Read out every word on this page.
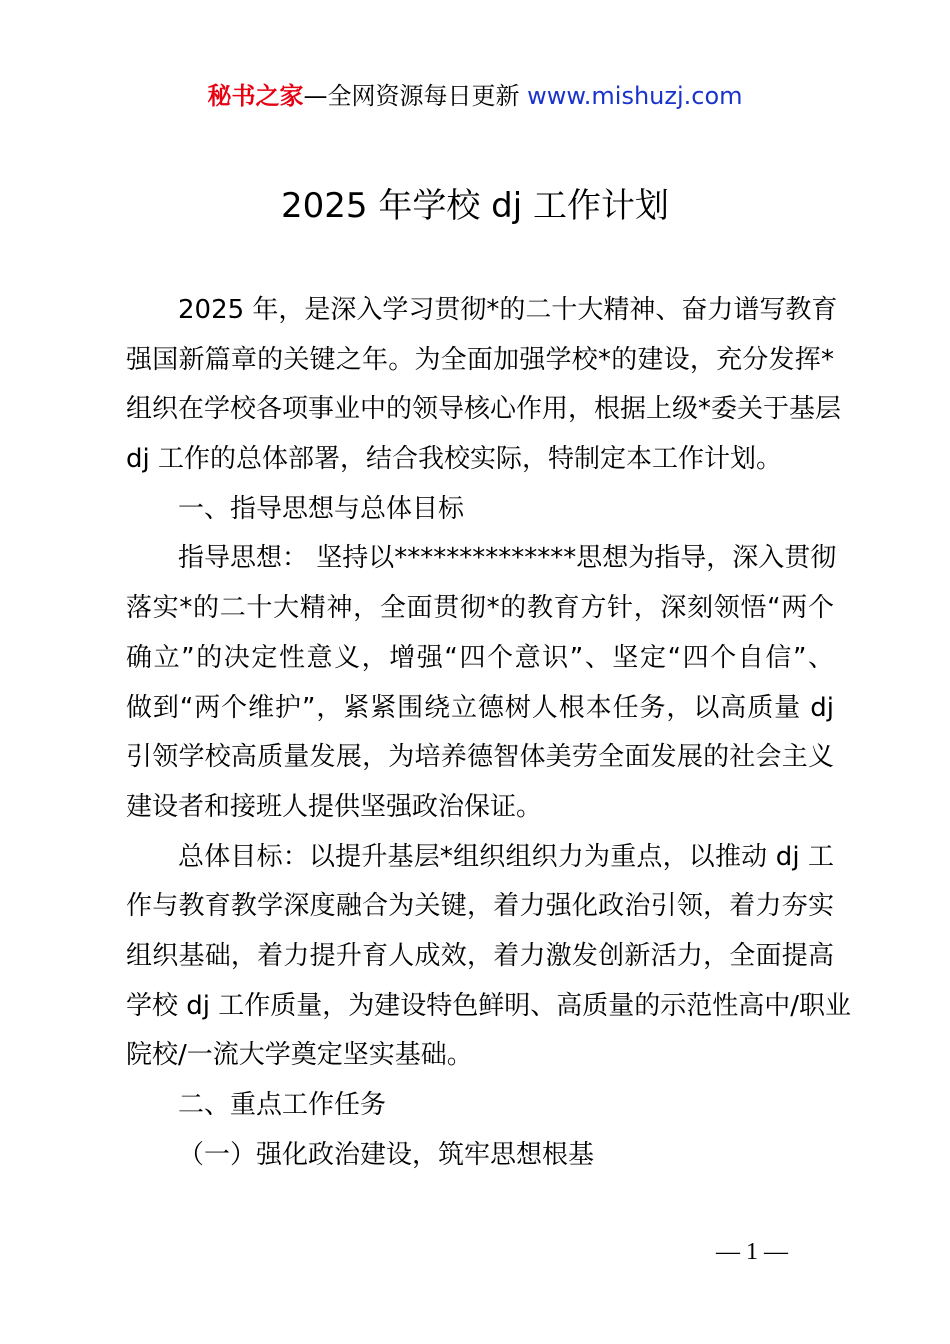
秘书之家—全网资源每日更新 www.mishuzj.com
2025 年学校 dj 工作计划
2025 年，是深入学习贯彻*的二十大精神、奋力谱写教育
强国新篇章的关键之年。为全面加强学校*的建设，充分发挥*
组织在学校各项事业中的领导核心作用，根据上级*委关于基层
dj 工作的总体部署，结合我校实际，特制定本工作计划。
一、指导思想与总体目标
指导思想： 坚持以**************思想为指导，深入贯彻
落实*的二十大精神，全面贯彻*的教育方针，深刻领悟“两个
确立”的决定性意义，增强“四个意识”、坚定“四个自信”、
做到“两个维护”，紧紧围绕立德树人根本任务，以高质量 dj
引领学校高质量发展，为培养德智体美劳全面发展的社会主义
建设者和接班人提供坚强政治保证。
总体目标：以提升基层*组织组织力为重点，以推动 dj 工
作与教育教学深度融合为关键，着力强化政治引领，着力夯实
组织基础，着力提升育人成效，着力激发创新活力，全面提高
学校 dj 工作质量，为建设特色鲜明、高质量的示范性高中/职业
院校/一流大学奠定坚实基础。
二、重点工作任务
（一）强化政治建设，筑牢思想根基
— 1 —
